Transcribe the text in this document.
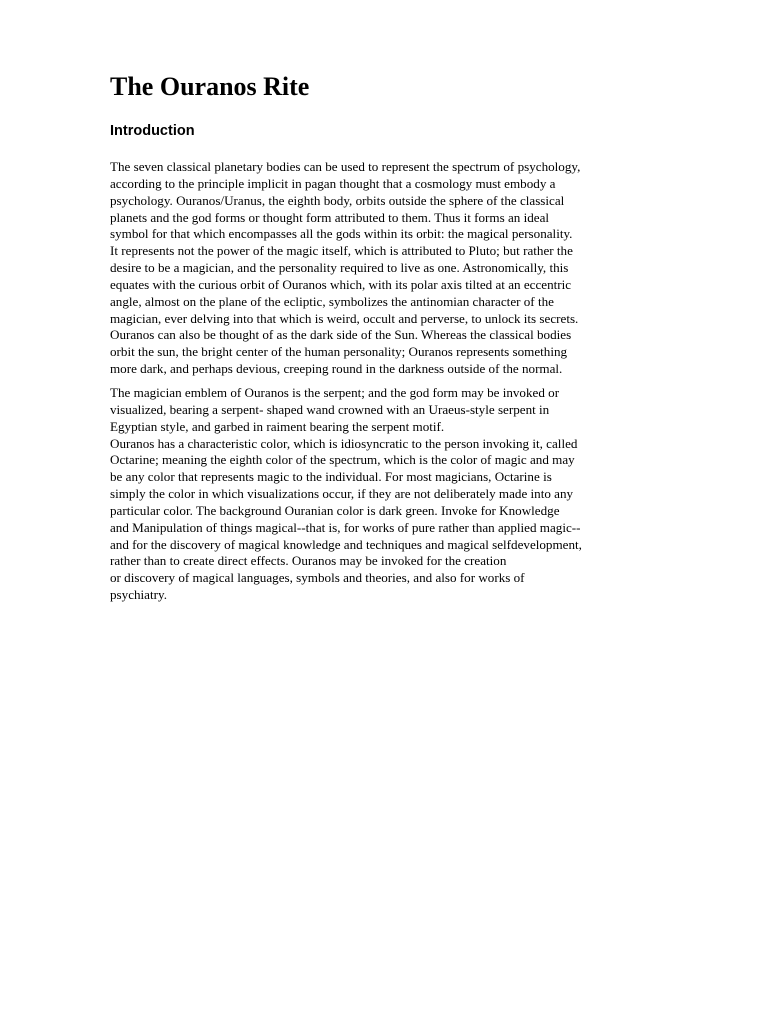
The Ouranos Rite
Introduction

The seven classical planetary bodies can be used to represent the spectrum of psychology,
according to the principle implicit in pagan thought that a cosmology must embody a
psychology. Ouranos/Uranus, the eighth body, orbits outside the sphere of the classical
planets and the god forms or thought form attributed to them. Thus it forms an ideal
symbol for that which encompasses all the gods within its orbit: the magical personality.
It represents not the power of the magic itself, which is attributed to Pluto; but rather the
desire to be a magician, and the personality required to live as one. Astronomically, this
equates with the curious orbit of Ouranos which, with its polar axis tilted at an eccentric
angle, almost on the plane of the ecliptic, symbolizes the antinomian character of the
magician, ever delving into that which is weird, occult and perverse, to unlock its secrets.
Ouranos can also be thought of as the dark side of the Sun. Whereas the classical bodies
orbit the sun, the bright center of the human personality; Ouranos represents something
more dark, and perhaps devious, creeping round in the darkness outside of the normal.

The magician emblem of Ouranos is the serpent; and the god form may be invoked or
visualized, bearing a serpent- shaped wand crowned with an Uraeus-style serpent in
Egyptian style, and garbed in raiment bearing the serpent motif.
Ouranos has a characteristic color, which is idiosyncratic to the person invoking it, called
Octarine; meaning the eighth color of the spectrum, which is the color of magic and may
be any color that represents magic to the individual. For most magicians, Octarine is
simply the color in which visualizations occur, if they are not deliberately made into any
particular color. The background Ouranian color is dark green. Invoke for Knowledge
and Manipulation of things magical--that is, for works of pure rather than applied magic--
and for the discovery of magical knowledge and techniques and magical selfdevelopment,
rather than to create direct effects. Ouranos may be invoked for the creation
or discovery of magical languages, symbols and theories, and also for works of
psychiatry.
